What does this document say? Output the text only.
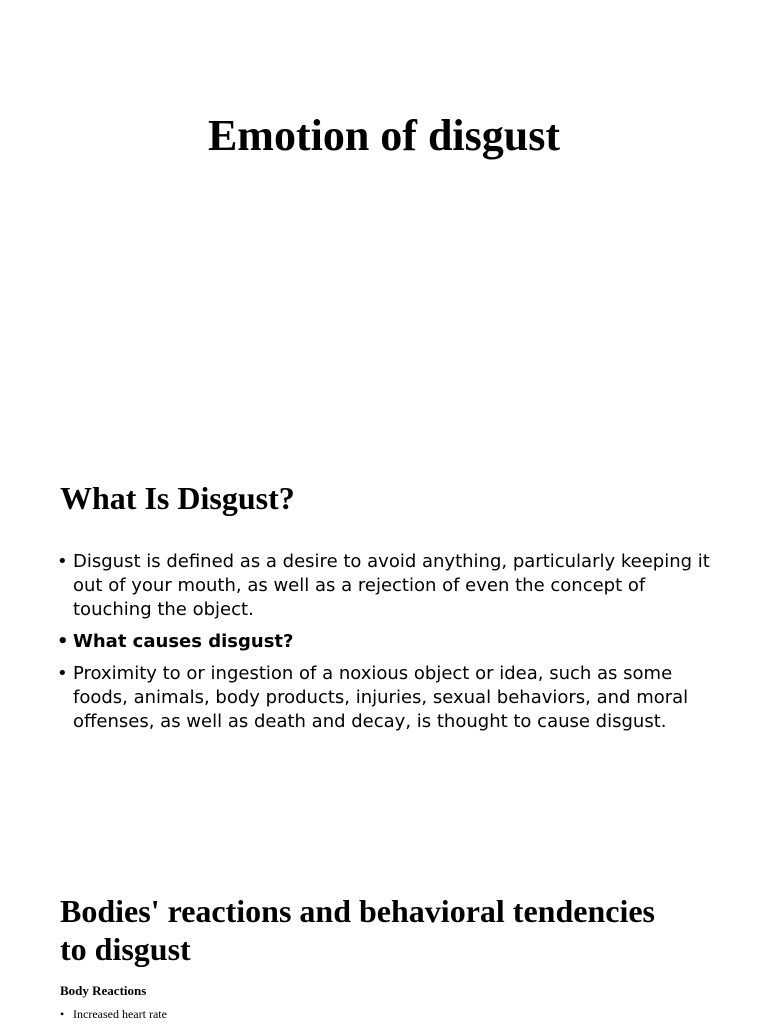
Emotion of disgust
What Is Disgust?
• Disgust is defined as a desire to avoid anything, particularly keeping it out of your mouth, as well as a rejection of even the concept of touching the object.
• What causes disgust?
• Proximity to or ingestion of a noxious object or idea, such as some foods, animals, body products, injuries, sexual behaviors, and moral offenses, as well as death and decay, is thought to cause disgust.
Bodies' reactions and behavioral tendencies to disgust
Body Reactions
• Increased heart rate
